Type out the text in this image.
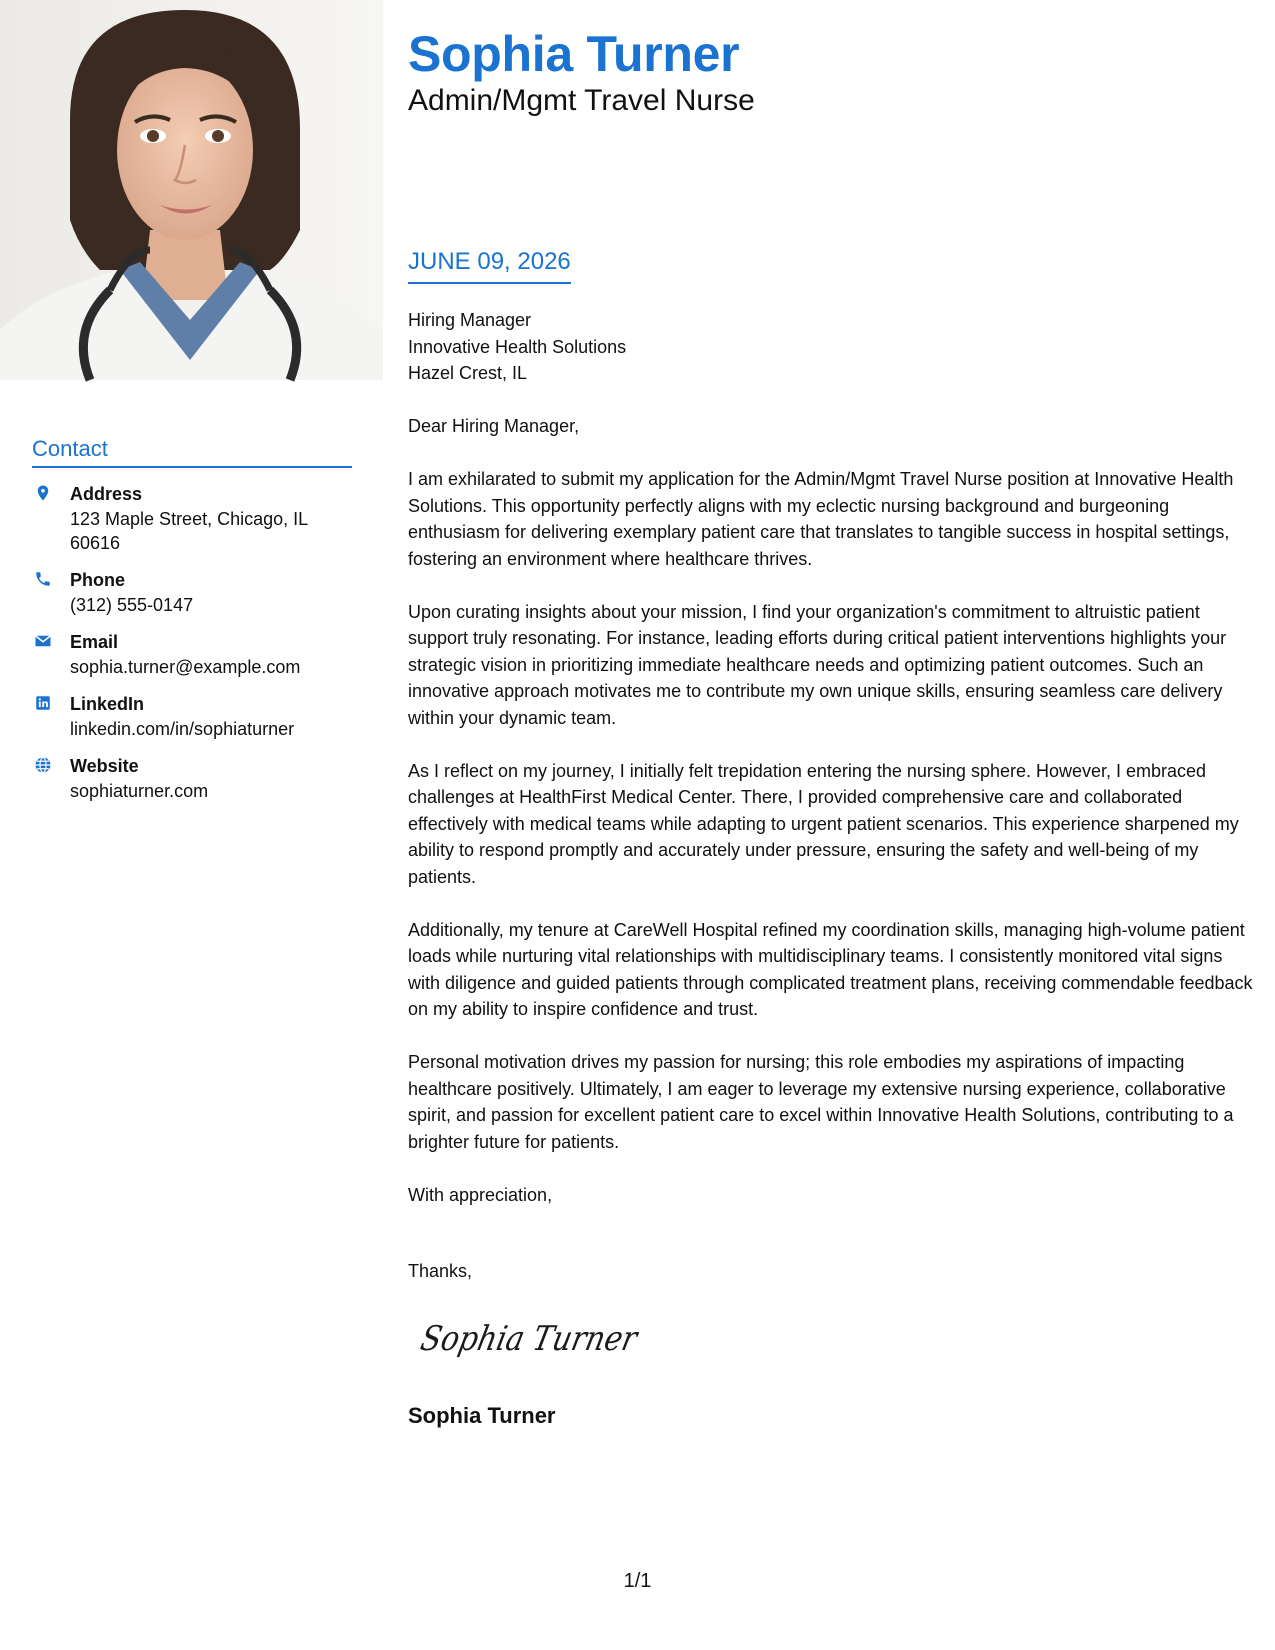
Contact
Address
123 Maple Street, Chicago, IL 60616
Phone
(312) 555-0147
Email
sophia.turner@example.com
LinkedIn
linkedin.com/in/sophiaturner
Website
sophiaturner.com
Sophia Turner
Admin/Mgmt Travel Nurse
JUNE 09, 2026
Hiring Manager
Innovative Health Solutions
Hazel Crest, IL

Dear Hiring Manager,

I am exhilarated to submit my application for the Admin/Mgmt Travel Nurse position at Innovative Health Solutions. This opportunity perfectly aligns with my eclectic nursing background and burgeoning enthusiasm for delivering exemplary patient care that translates to tangible success in hospital settings, fostering an environment where healthcare thrives.

Upon curating insights about your mission, I find your organization's commitment to altruistic patient support truly resonating. For instance, leading efforts during critical patient interventions highlights your strategic vision in prioritizing immediate healthcare needs and optimizing patient outcomes. Such an innovative approach motivates me to contribute my own unique skills, ensuring seamless care delivery within your dynamic team.

As I reflect on my journey, I initially felt trepidation entering the nursing sphere. However, I embraced challenges at HealthFirst Medical Center. There, I provided comprehensive care and collaborated effectively with medical teams while adapting to urgent patient scenarios. This experience sharpened my ability to respond promptly and accurately under pressure, ensuring the safety and well-being of my patients.

Additionally, my tenure at CareWell Hospital refined my coordination skills, managing high-volume patient loads while nurturing vital relationships with multidisciplinary teams. I consistently monitored vital signs with diligence and guided patients through complicated treatment plans, receiving commendable feedback on my ability to inspire confidence and trust.

Personal motivation drives my passion for nursing; this role embodies my aspirations of impacting healthcare positively. Ultimately, I am eager to leverage my extensive nursing experience, collaborative spirit, and passion for excellent patient care to excel within Innovative Health Solutions, contributing to a brighter future for patients.

With appreciation,

Thanks,
Sophia Turner
Sophia Turner
1/1
